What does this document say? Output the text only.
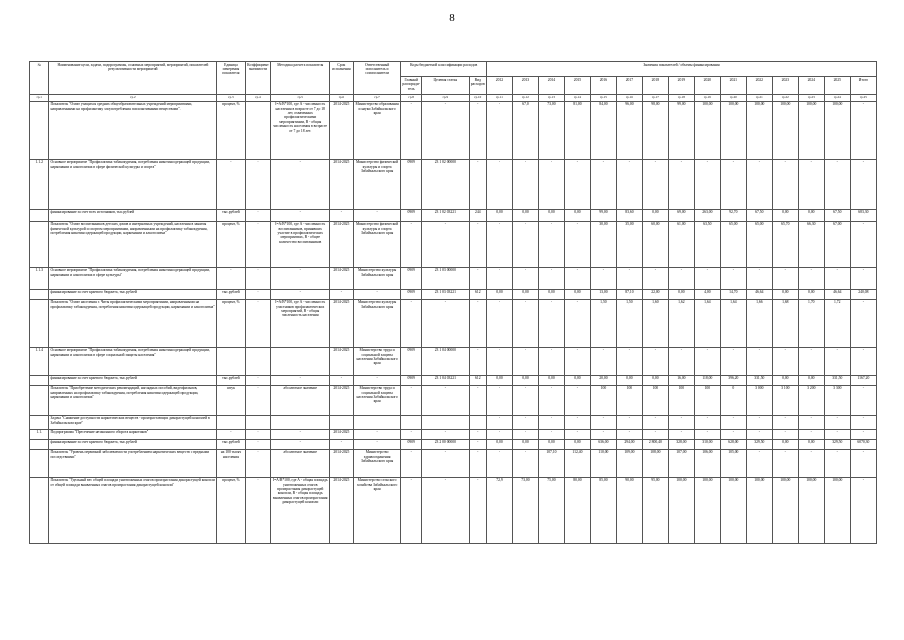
8
№	Наименование цели, задачи, подпрограммы, основных мероприятий, мероприятий, показателей результативности мероприятий	Единица измерения показателя	Коэффициент значимости	Методика расчета показателя	Срок исполнения	Ответственный исполнитель и соисполнители	Коды бюджетной классификации расходов			Значения показателей / объемы финансирования														
							Главный распоряди-тель	Целевая статья	Вид расходов	2012	2013	2014	2015	2016	2017	2018	2019	2020	2021	2022	2023	2024	2025	Итого
гр.1	гр.2	гр.3	гр.4	гр.5	гр.6	гр.7	гр.8	гр.9	гр.10	гр.11	гр.12	гр.13	гр.14	гр.15	гр.16	гр.17	гр.18	гр.19	гр.20	гр.21	гр.22	гр.23	гр.24	гр.25
	Показатель "Охват учащихся средних общеобразовательных учреждений мероприятиями, направленными на профилактику злоупотребления психоактивными веществами".	процент, %		I=A/B*100, где А - численность населения в возрасте от 7 до 18 лет, охваченных профилактическими мероприятиями, В - общая численность населения в возрасте от 7 до 18 лет.	2014-2025	Министерство образования и науки Забайкальского края	-	-	-	-	67,0	73,00	81,00	84,00	96,00	98,00	99,00	100,00	100,00	100,00	100,00	100,00	100,00	-
1.1.2	Основное мероприятие "Профилактика табакокурения, потребления никотинсодержащей продукции, наркомании и алкоголизма в сфере физической культуры и спорта"	-	-	-	2014-2025	Министерство физической культуры и спорта Забайкальского края	0909	23 1 02 00000	-	-	-	-	-	-	-	-	-	-	-	-	-	-	-	-
	финансирование за счет всех источников, тыс.рублей	тыс.рублей	-	-	-	-	0909	23 1 02 03221	244	0,00	0,00	0,00	0,00	99,00	83,60	0,00	69,00	263,00	92,70	67,50	0,00	0,00	67,50	683,30
	Показатель "Охват воспитанников детских домов и интернатных учреждений, населения в занятия физической культурой и спортом мероприятиями, направленными на профилактику табакокурения, потребления никотинсодержащей продукции, наркомании и алкоголизма"	процент, %	-	I=A/B*100, где А - численность воспитанников, принявших участие в профилактических мероприятиях, В - общее количество воспитанников	2014-2025	Министерство физической культуры и спорта Забайкальского края	-	-	-	-	-	-	-	30,00	35,00	60,00	61,00	63,50	65,00	65,00	65,70	66,30	67,00	-
1.1.3	Основное мероприятие "Профилактика табакокурения, потребления никотинсодержащей продукции, наркомании и алкоголизма в сфере культуры"	-	-	-	2014-2025	Министерство культуры Забайкальского края	0909	23 1 03 00000	-	-	-	-	-	-	-	-	-	-	-	-	-	-	-	-
	финансирование за счет краевого бюджета, тыс.рублей	тыс.рублей	-	-	-	-	0909	23 1 03 03221	612	0,00	0,00	0,00	0,00	13,00	87,10	22,00	0,00	4,00	14,70	46,64	0,00	0,00	46,64	240,08
	Показатель "Охват населения г. Читы профилактическими мероприятиями, направленными на профилактику табакокурения, потребления никотинсодержащей продукции, наркомании и алкоголизма"	процент, %	-	I=A/B*100, где А - численность участников профилактических мероприятий, В - общая численность населения	2014-2025	Министерство культуры Забайкальского края	-	-	-	-	-	-	-	1,50	1,50	1,60	1,62	1,64	1,64	1,66	1,68	1,70	1,72	-
1.1.4	Основное мероприятие "Профилактика табакокурения, потребления никотинсодержащей продукции, наркомании и алкоголизма в сфере социальной защиты населения"				2014-2025	Министерство труда и социальной защиты населения Забайкальского края	0909	23 1 04 00000	-	-	-	-	-	-	-	-	-	-	-	-	-	-	-	-
	финансирование за счет краевого бюджета, тыс.рублей	тыс.рублей	-	-	-	-	0909	23 1 04 03221	612	0,00	0,00	0,00	0,00	20,00	0,00	0,00	16,00	118,00	396,20	331,50	0,00	0,00	331,50	1167,20
	Показатель "Приобретение методических рекомендаций, наглядных пособий, видеофильмов, направленных на профилактику табакокурения, потребления никотинсодержащей продукции, наркомании и алкоголизма"	штук	-	абсолютное значение	2014-2025	Министерство труда и социальной защиты населения Забайкальского края	-	-	-	-	-	-	-	100	100	100	100	100	0	3 000	3 100	3 200	3 300	-
	Задача "Снижение доступности наркотических веществ - произрастающих дикорастущей коноплей в Забайкальском крае"									-	-	-	-	-	-	-	-	-	-	-	-	-	-	-
1.1.	Подпрограмма "Пресечение незаконного оборота наркотиков"	-	-	-	2014-2025	-	-	-	-	-	-	-	-	-	-	-	-	-	-	-	-	-	-	-
	финансирование за счет краевого бюджета, тыс.рублей	тыс.рублей	-	-	-	-	0909	23 2 00 00000	-	0,00	0,00	0,00	0,00	636,00	294,00	2 800,40	328,00	310,00	628,00	329,50	0,00	0,00	329,50	6070,30
	Показатель "Уровень первичной заболеваемости употреблением наркотических веществ с вредными последствиями"	на 100 тысяч населения	-	абсолютное значение	2014-2025	Министерство здравоохранения Забайкальского края	-	-	-	-	-	107,10	112,40	110,00	109,00	108,00	107,00	106,00	105,00	-	-	-	-	-
	Показатель "Удельный вес общей площади уничтоженных очагов произрастания дикорастущей конопли от общей площади выявленных очагов произрастания дикорастущей конопли"	процент, %	-	I=A/B*100, где А - общая площадь уничтоженных очагов произрастания дикорастущей конопли, В - общая площадь выявленных очагов произрастания дикорастущей конопли	2014-2025	Министерство сельского хозяйства Забайкальского края	-	-	-	72,9	73,00	75,00	80,00	85,00	90,00	95,00	100,00	100,00	100,00	100,00	100,00	100,00	100,00	-
